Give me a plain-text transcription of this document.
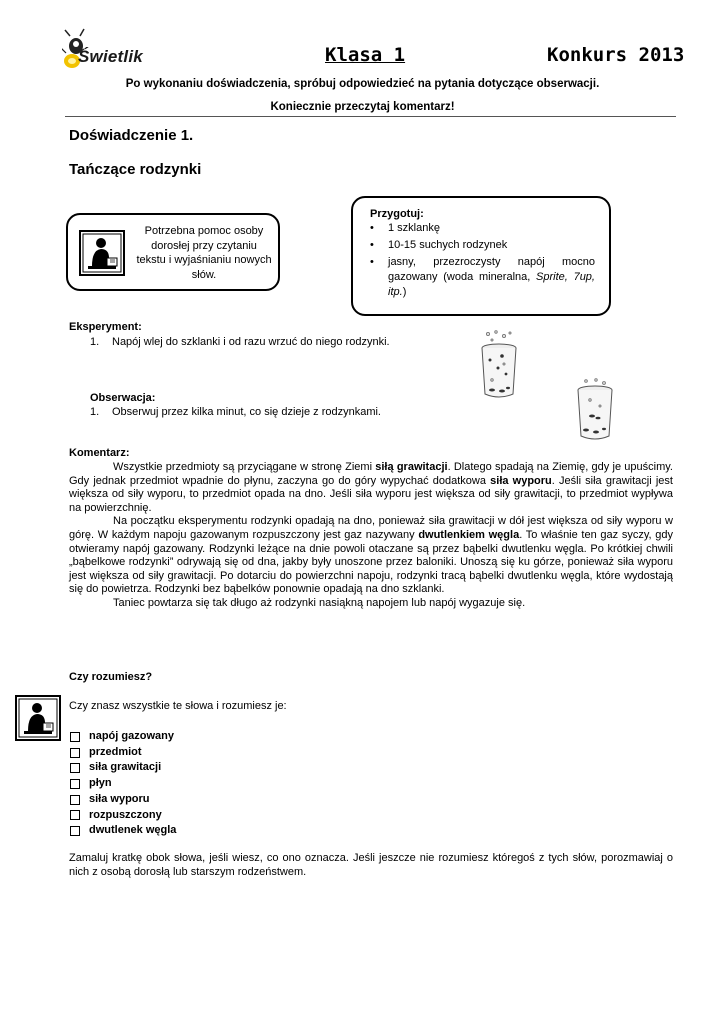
Świetlik	Klasa 1	Konkurs 2013
Po wykonaniu doświadczenia, spróbuj odpowiedzieć na pytania dotyczące obserwacji.
Koniecznie przeczytaj komentarz!
Doświadczenie 1.
Tańczące rodzynki
Potrzebna pomoc osoby dorosłej przy czytaniu tekstu i wyjaśnianiu nowych słów.
Przygotuj:
• 1 szklankę
• 10-15 suchych rodzynek
• jasny, przezroczysty napój mocno gazowany (woda mineralna, Sprite, 7up, itp.)
Eksperyment:
1. Napój wlej do szklanki i od razu wrzuć do niego rodzynki.
Obserwacja:
1. Obserwuj przez kilka minut, co się dzieje z rodzynkami.
Komentarz:

Wszystkie przedmioty są przyciągane w stronę Ziemi siłą grawitacji. Dlatego spadają na Ziemię, gdy je upuścimy. Gdy jednak przedmiot wpadnie do płynu, zaczyna go do góry wypychać dodatkowa siła wyporu. Jeśli siła grawitacji jest większa od siły wyporu, to przedmiot opada na dno. Jeśli siła wyporu jest większa od siły grawitacji, to przedmiot wypływa na powierzchnię.

Na początku eksperymentu rodzynki opadają na dno, ponieważ siła grawitacji w dół jest większa od siły wyporu w górę. W każdym napoju gazowanym rozpuszczony jest gaz nazywany dwutlenkiem węgla. To właśnie ten gaz syczy, gdy otwieramy napój gazowany. Rodzynki leżące na dnie powoli otaczane są przez bąbelki dwutlenku węgla. Po krótkiej chwili „bąbelkowe rodzynki” odrywają się od dna, jakby były unoszone przez baloniki. Unoszą się ku górze, ponieważ siła wyporu jest większa od siły grawitacji. Po dotarciu do powierzchni napoju, rodzynki tracą bąbelki dwutlenku węgla, które wydostają się do powietrza. Rodzynki bez bąbelków ponownie opadają na dno szklanki.

Taniec powtarza się tak długo aż rodzynki nasiąkną napojem lub napój wygazuje się.

Czy rozumiesz?
Czy znasz wszystkie te słowa i rozumiesz je:
napój gazowany
przedmiot
siła grawitacji
płyn
siła wyporu
rozpuszczony
dwutlenek węgla
Zamaluj kratkę obok słowa, jeśli wiesz, co ono oznacza. Jeśli jeszcze nie rozumiesz któregoś z tych słów, porozmawiaj o nich z osobą dorosłą lub starszym rodzeństwem.
